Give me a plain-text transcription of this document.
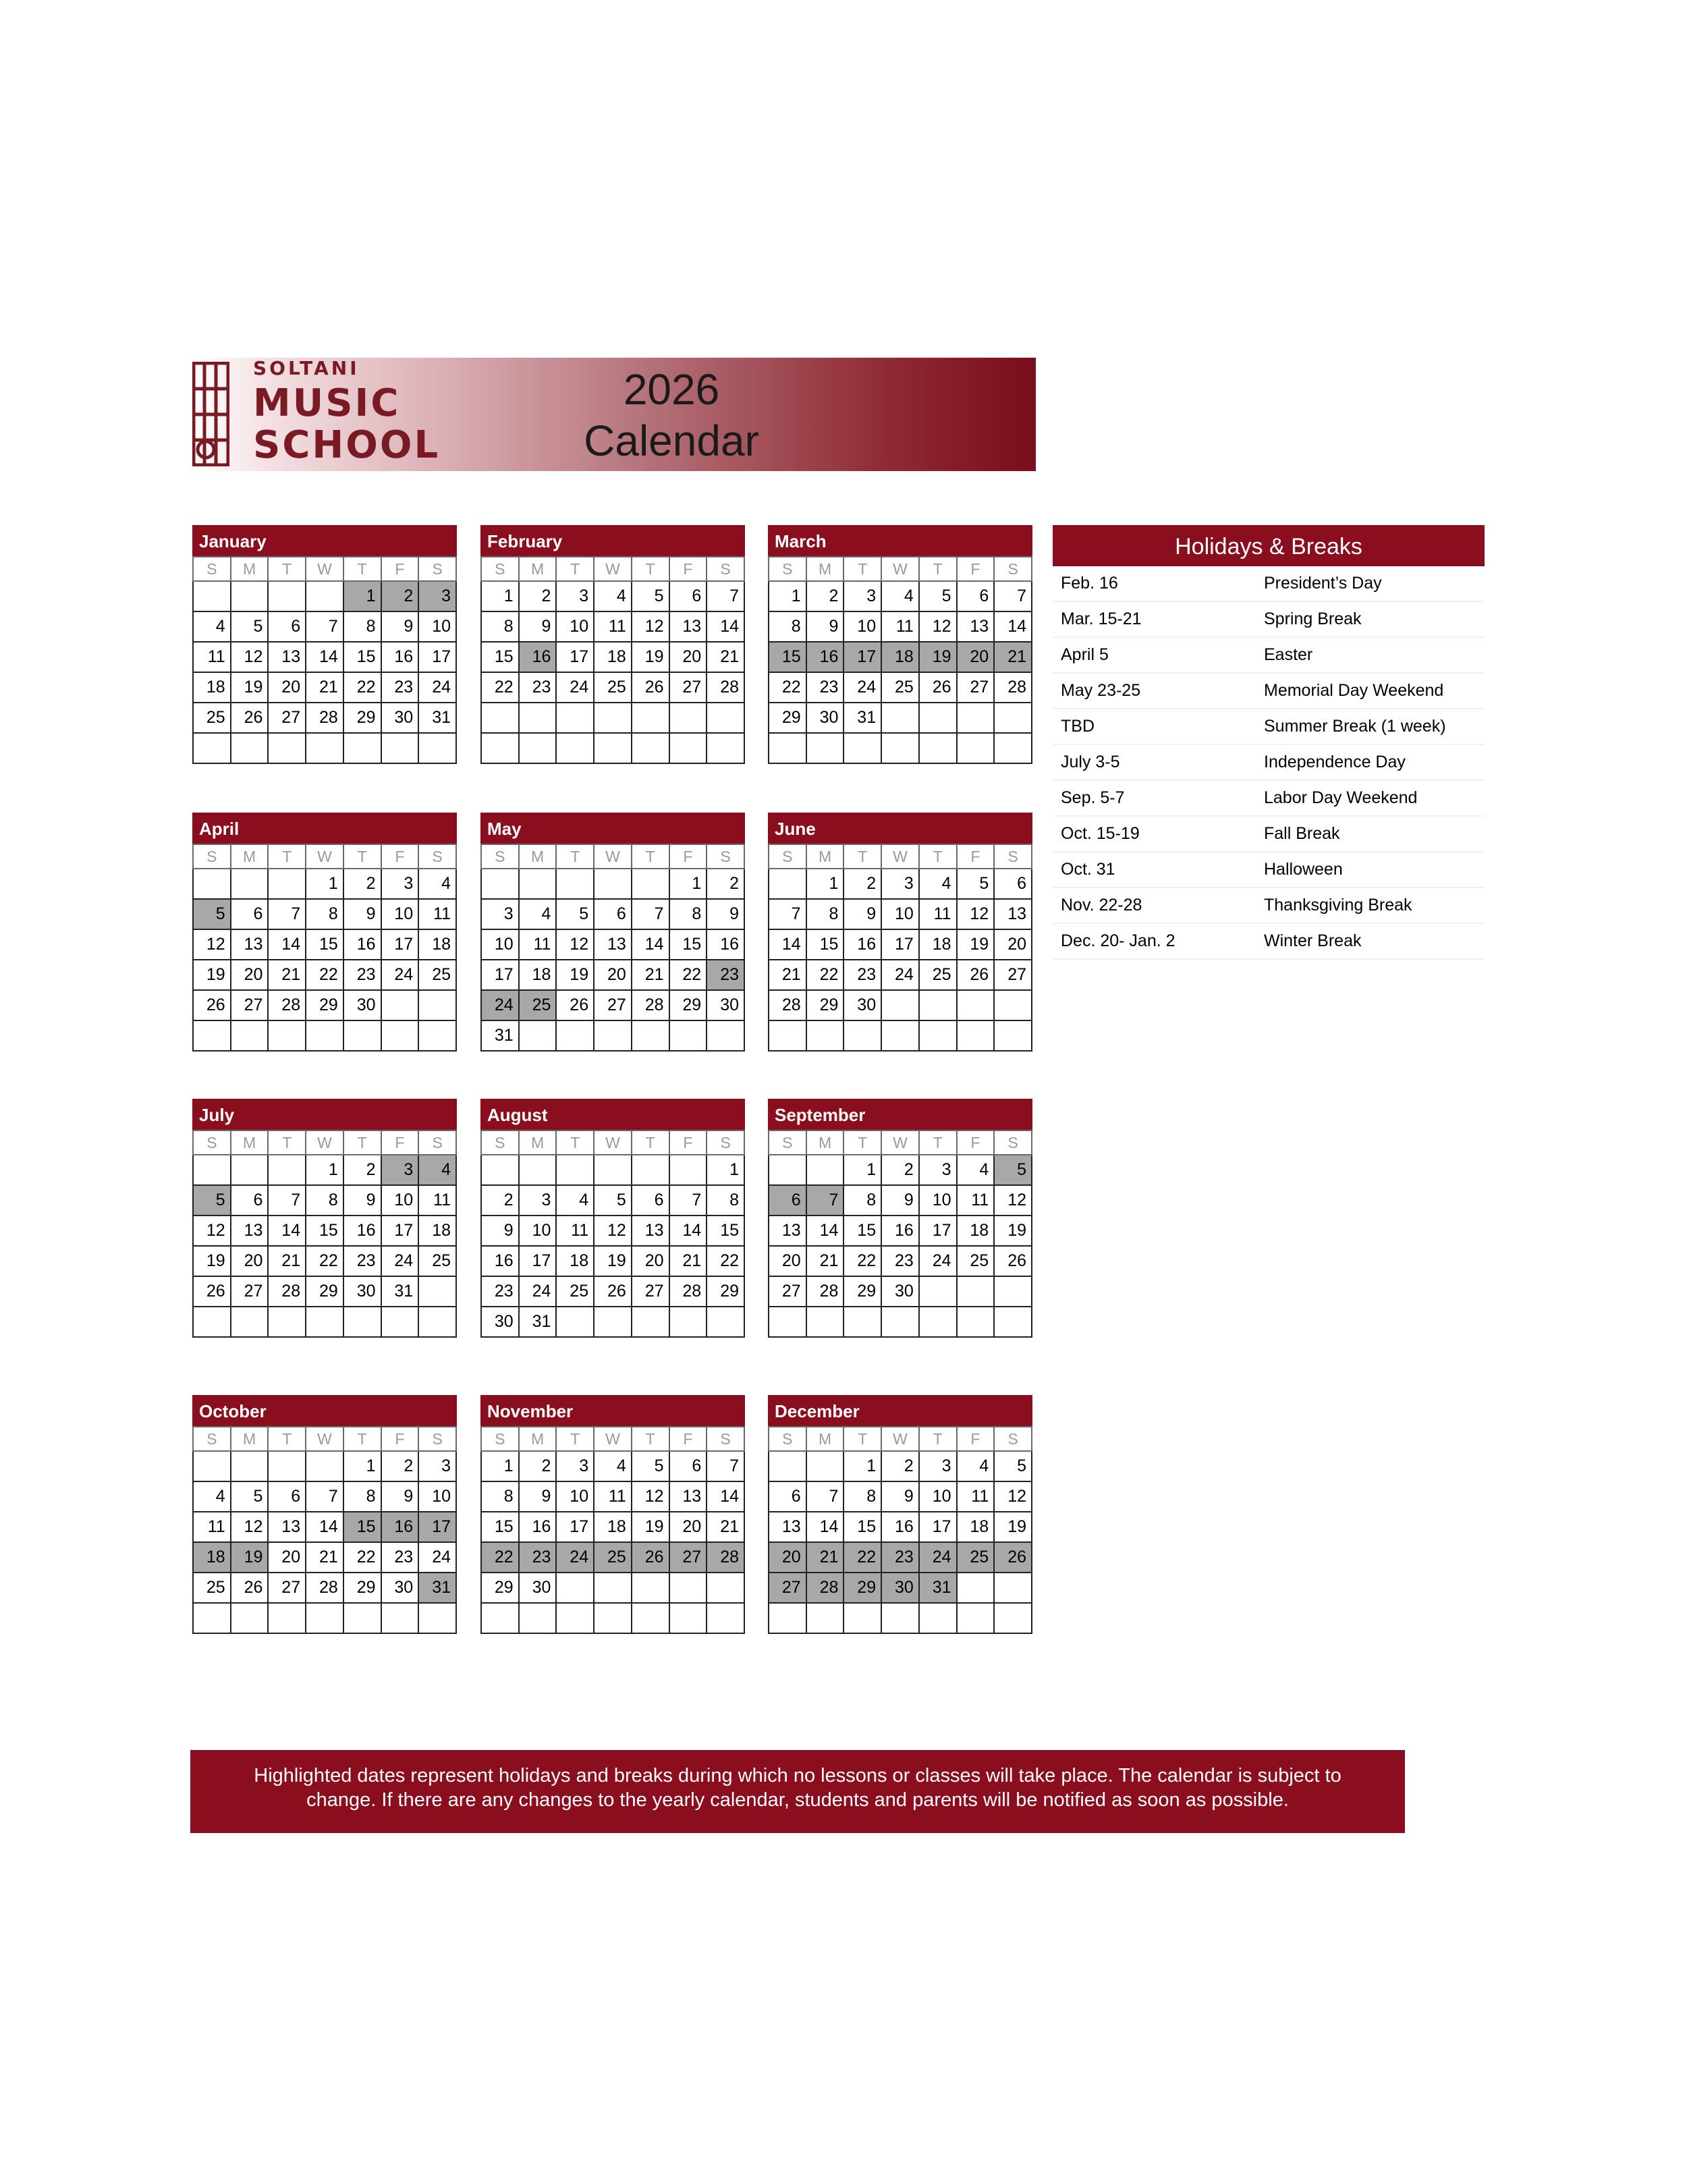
SOLTANI
MUSIC
SCHOOL
2026
Calendar
January
S	M	T	W	T	F	S
				1	2	3
4	5	6	7	8	9	10
11	12	13	14	15	16	17
18	19	20	21	22	23	24
25	26	27	28	29	30	31

February
S	M	T	W	T	F	S
1	2	3	4	5	6	7
8	9	10	11	12	13	14
15	16	17	18	19	20	21
22	23	24	25	26	27	28

March
S	M	T	W	T	F	S
1	2	3	4	5	6	7
8	9	10	11	12	13	14
15	16	17	18	19	20	21
22	23	24	25	26	27	28
29	30	31				

April
S	M	T	W	T	F	S
			1	2	3	4
5	6	7	8	9	10	11
12	13	14	15	16	17	18
19	20	21	22	23	24	25
26	27	28	29	30		

May
S	M	T	W	T	F	S
					1	2
3	4	5	6	7	8	9
10	11	12	13	14	15	16
17	18	19	20	21	22	23
24	25	26	27	28	29	30
31						
June
S	M	T	W	T	F	S
	1	2	3	4	5	6
7	8	9	10	11	12	13
14	15	16	17	18	19	20
21	22	23	24	25	26	27
28	29	30				

July
S	M	T	W	T	F	S
			1	2	3	4
5	6	7	8	9	10	11
12	13	14	15	16	17	18
19	20	21	22	23	24	25
26	27	28	29	30	31	

August
S	M	T	W	T	F	S
						1
2	3	4	5	6	7	8
9	10	11	12	13	14	15
16	17	18	19	20	21	22
23	24	25	26	27	28	29
30	31					
September
S	M	T	W	T	F	S
		1	2	3	4	5
6	7	8	9	10	11	12
13	14	15	16	17	18	19
20	21	22	23	24	25	26
27	28	29	30			

October
S	M	T	W	T	F	S
				1	2	3
4	5	6	7	8	9	10
11	12	13	14	15	16	17
18	19	20	21	22	23	24
25	26	27	28	29	30	31

November
S	M	T	W	T	F	S
1	2	3	4	5	6	7
8	9	10	11	12	13	14
15	16	17	18	19	20	21
22	23	24	25	26	27	28
29	30					

December
S	M	T	W	T	F	S
		1	2	3	4	5
6	7	8	9	10	11	12
13	14	15	16	17	18	19
20	21	22	23	24	25	26
27	28	29	30	31		

Holidays & Breaks
Feb. 16	President’s Day
Mar. 15-21	Spring Break
April 5	Easter
May 23-25	Memorial Day Weekend
TBD	Summer Break (1 week)
July 3-5	Independence Day
Sep. 5-7	Labor Day Weekend
Oct. 15-19	Fall Break
Oct. 31	Halloween
Nov. 22-28	Thanksgiving Break
Dec. 20- Jan. 2	Winter Break
Highlighted dates represent holidays and breaks during which no lessons or classes will take place. The calendar is subject to
change. If there are any changes to the yearly calendar, students and parents will be notified as soon as possible.
